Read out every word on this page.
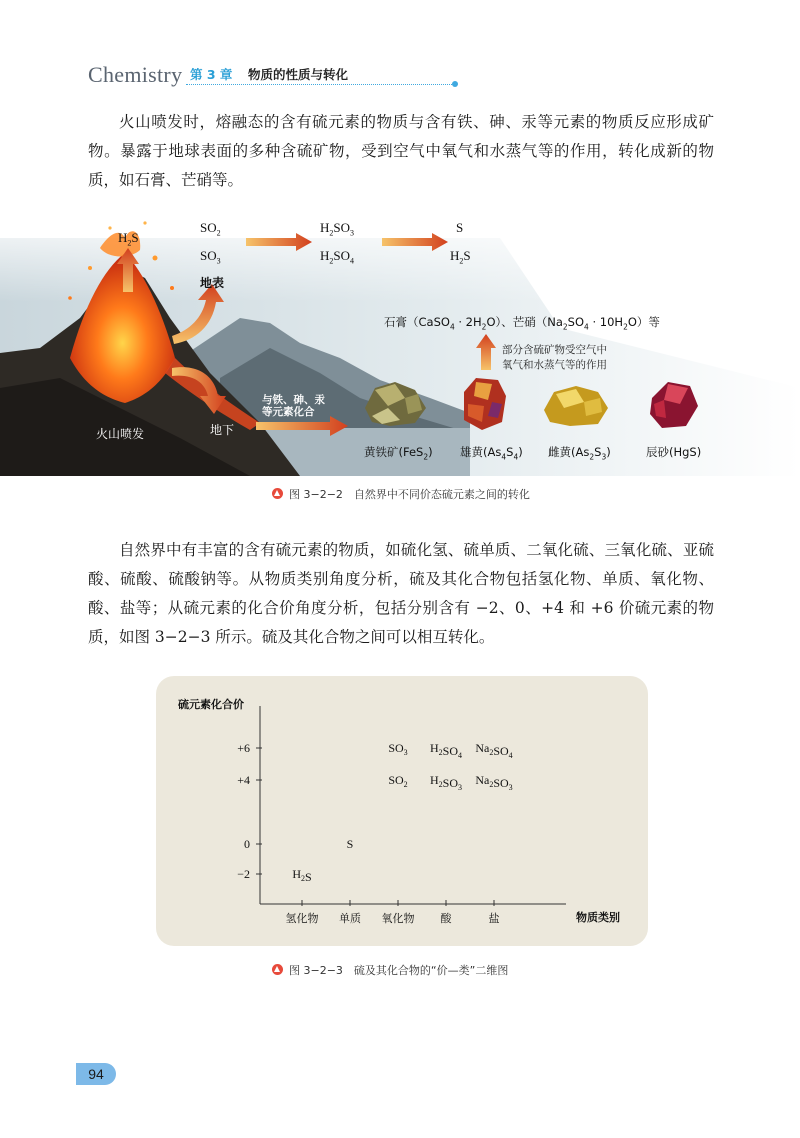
Chemistry 第 3 章 物质的性质与转化

火山喷发时，熔融态的含有硫元素的物质与含有铁、砷、汞等元素的物质反应形成矿物。暴露于地球表面的多种含硫矿物，受到空气中氧气和水蒸气等的作用，转化成新的物质，如石膏、芒硝等。

$H_2S$
$SO_2$
$SO_3$
$H_2SO_3$
$H_2SO_4$
S
$H_2S$
地表
地下
火山喷发
与铁、砷、汞
等元素化合
石膏（CaSO$_4$ · $2H_2O$）、芒硝$(Na_2SO_4 \cdot 10H_2O)$等
部分含硫矿物受空气中
氧气和水蒸气等的作用
黄铁矿(FeS$_2$) 雄黄$(As_4S_4)$ 雌黄$(As_2S_3)$	辰砂(HgS)
图 3−2−2　自然界中不同价态硫元素之间的转化

自然界中有丰富的含有硫元素的物质，如硫化氢、硫单质、二氧化硫、三氧化硫、亚硫酸、硫酸、硫酸钠等。从物质类别角度分析，硫及其化合物包括氢化物、单质、氧化物、酸、盐等；从硫元素的化合价角度分析，包括分别含有 −2、0、+4 和 +6 价硫元素的物质，如图 3−2−3 所示。硫及其化合物之间可以相互转化。

硫元素化合价
物质类别
+6
+4
0
−2
氢化物 单质 氧化物 酸	盐
$H_2S$
S
$SO_2$
$SO_3$
$H_2SO_3$
$H_2SO_4$
$Na_2SO_3$
$Na_2SO_4$
图 3−2−3　硫及其化合物的“价—类”二维图
94
